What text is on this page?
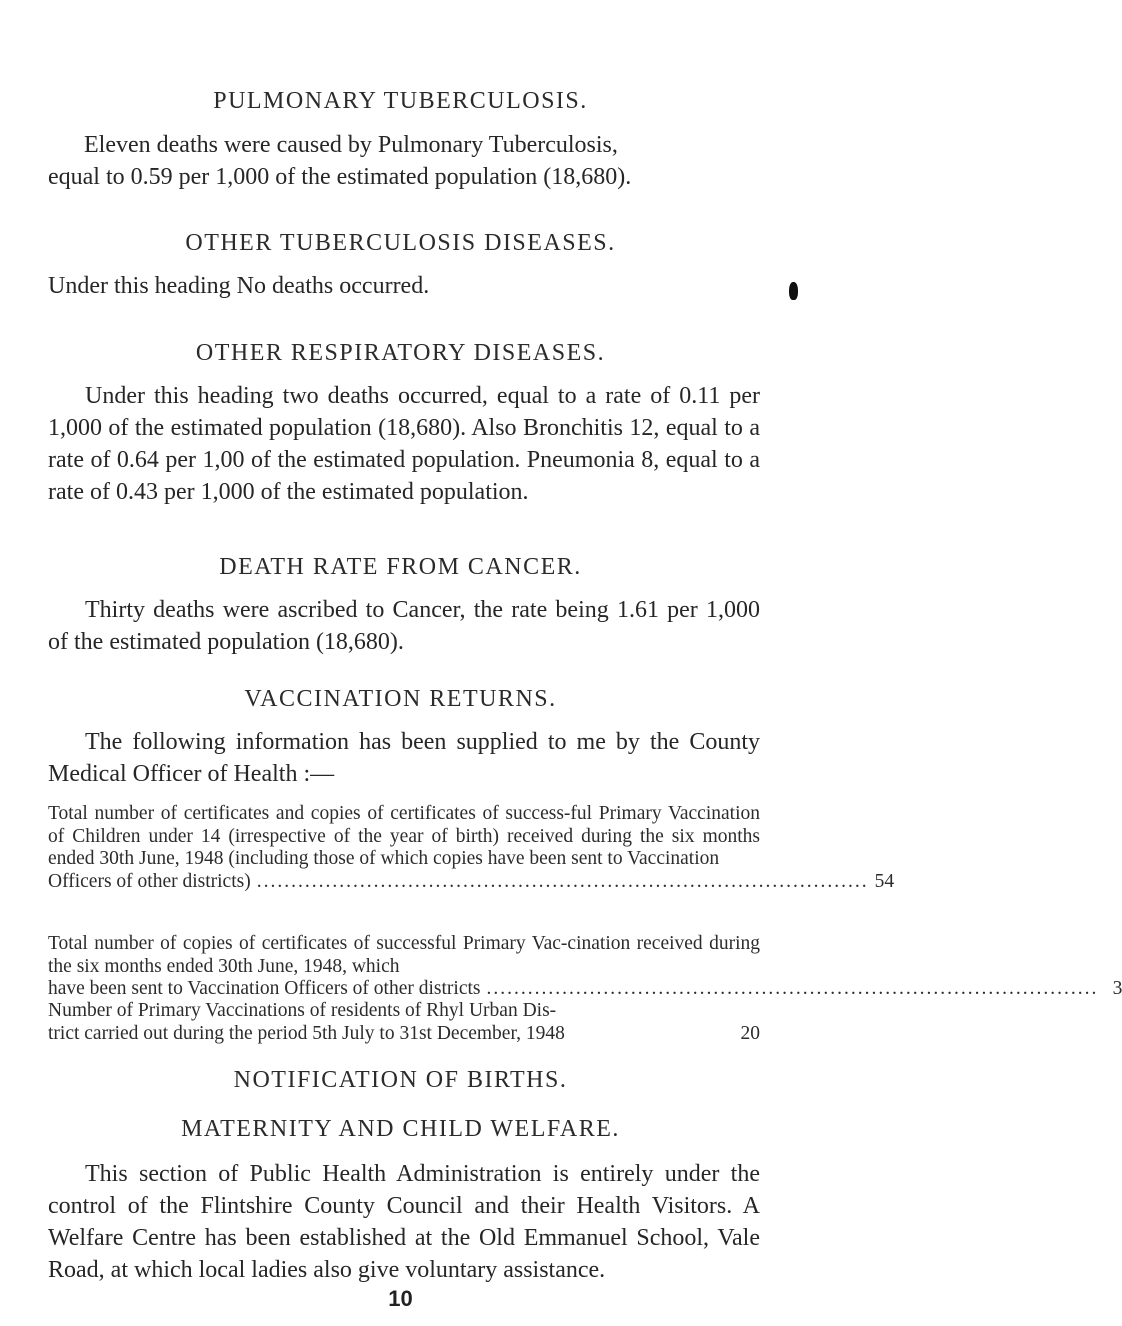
PULMONARY TUBERCULOSIS.
Eleven deaths were caused by Pulmonary Tuberculosis,
equal to 0.59 per 1,000 of the estimated population (18,680).
OTHER TUBERCULOSIS DISEASES.
Under this heading No deaths occurred.
OTHER RESPIRATORY DISEASES.
Under this heading two deaths occurred, equal to a rate of 0.11 per 1,000 of the estimated population (18,680). Also Bronchitis 12, equal to a rate of 0.64 per 1,00 of the estimated population. Pneumonia 8, equal to a rate of 0.43 per 1,000 of the estimated population.
DEATH RATE FROM CANCER.
Thirty deaths were ascribed to Cancer, the rate being 1.61 per 1,000 of the estimated population (18,680).
VACCINATION RETURNS.
The following information has been supplied to me by the County Medical Officer of Health :—
Total number of certificates and copies of certificates of success-ful Primary Vaccination of Children under 14 (irrespective of the year of birth) received during the six months ended 30th June, 1948 (including those of which copies have been sent to Vaccination
Officers of other districts) ......................................................................................... 54
Total number of copies of certificates of successful Primary Vac-cination received during the six months ended 30th June, 1948, which
have been sent to Vaccination Officers of other districts ......................................................................................... 3
Number of Primary Vaccinations of residents of Rhyl Urban Dis-
trict carried out during the period 5th July to 31st December, 1948	20
NOTIFICATION OF BIRTHS.
MATERNITY AND CHILD WELFARE.
This section of Public Health Administration is entirely under the control of the Flintshire County Council and their Health Visitors. A Welfare Centre has been established at the Old Emmanuel School, Vale Road, at which local ladies also give voluntary assistance.
10
